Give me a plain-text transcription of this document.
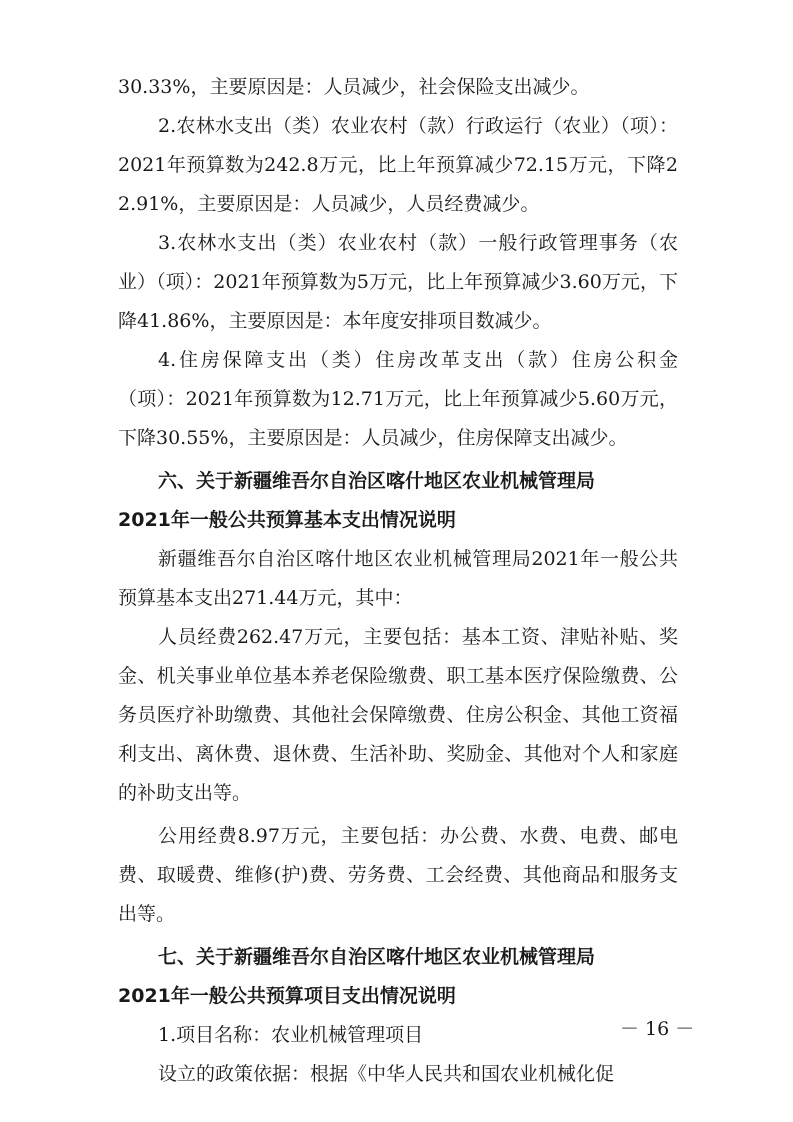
30.33%，主要原因是：人员减少，社会保险支出减少。

2.农林水支出（类）农业农村（款）行政运行（农业）（项）：2021年预算数为242.8万元，比上年预算减少72.15万元，下降22.91%，主要原因是：人员减少，人员经费减少。

3.农林水支出（类）农业农村（款）一般行政管理事务（农业）（项）：2021年预算数为5万元，比上年预算减少3.60万元，下降41.86%，主要原因是：本年度安排项目数减少。

4.住房保障支出（类）住房改革支出（款）住房公积金（项）：2021年预算数为12.71万元，比上年预算减少5.60万元，下降30.55%，主要原因是：人员减少，住房保障支出减少。

六、关于新疆维吾尔自治区喀什地区农业机械管理局

2021年一般公共预算基本支出情况说明

新疆维吾尔自治区喀什地区农业机械管理局2021年一般公共预算基本支出271.44万元，其中：

人员经费262.47万元，主要包括：基本工资、津贴补贴、奖金、机关事业单位基本养老保险缴费、职工基本医疗保险缴费、公务员医疗补助缴费、其他社会保障缴费、住房公积金、其他工资福利支出、离休费、退休费、生活补助、奖励金、其他对个人和家庭的补助支出等。

公用经费8.97万元，主要包括：办公费、水费、电费、邮电费、取暖费、维修(护)费、劳务费、工会经费、其他商品和服务支出等。

七、关于新疆维吾尔自治区喀什地区农业机械管理局

2021年一般公共预算项目支出情况说明

1.项目名称：农业机械管理项目

设立的政策依据：根据《中华人民共和国农业机械化促

－ 16 －
